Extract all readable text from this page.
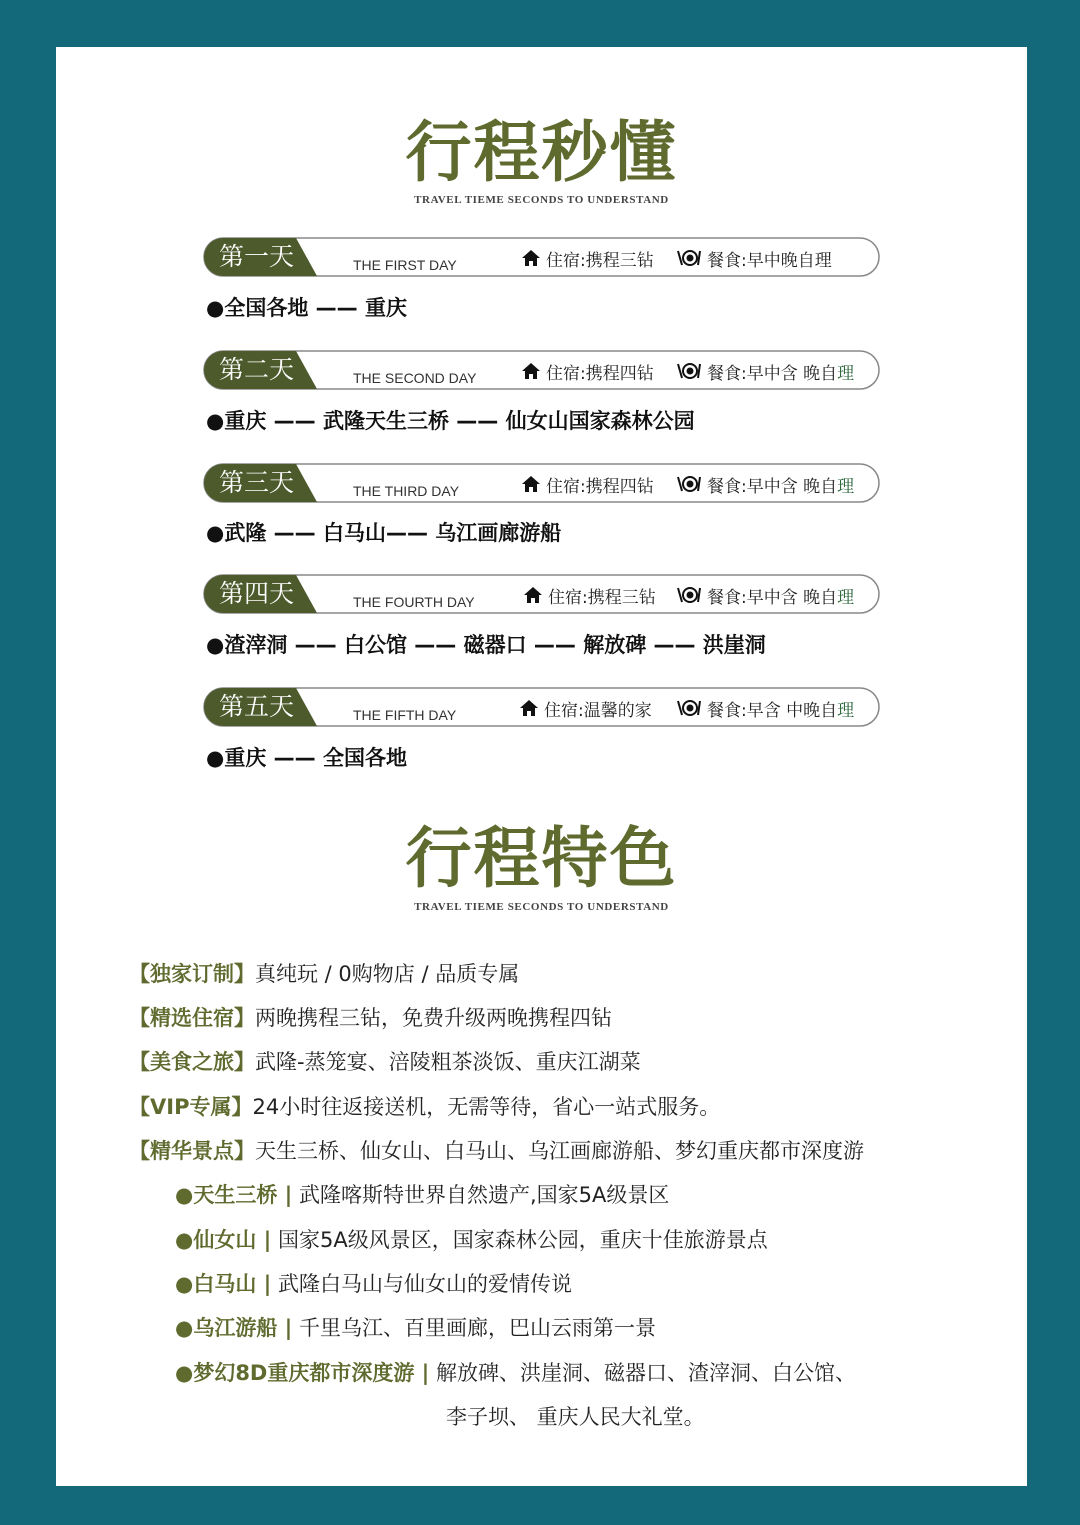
行程秒懂
TRAVEL TIEME SECONDS TO UNDERSTAND
第一天	THE FIRST DAY	住宿:携程三钻	餐食:早中晚自 理
●全国各地 —— 重庆
第二天	THE SECOND DAY	住宿:携程四钻	餐食:早中含 晚自 理
●重庆 —— 武隆天生三桥 —— 仙女山国家森林公园
第三天	THE THIRD DAY	住宿:携程四钻	餐食:早中含 晚自 理
●武隆 —— 白马山—— 乌江画廊游船
第四天	THE FOURTH DAY	住宿:携程三钻	餐食:早中含 晚自 理
●渣滓洞 —— 白公馆 —— 磁器口 —— 解放碑 —— 洪崖洞
第五天	THE FIFTH DAY	住宿:温馨的家	餐食:早含 中晚自 理
●重庆 —— 全国各地
行程特色
TRAVEL TIEME SECONDS TO UNDERSTAND
【独家订制】真纯玩 / 0购物店 / 品质专属
【精选住宿】两晚携程三钻，免费升级两晚携程四钻
【美食之旅】武隆-蒸笼宴、涪陵粗茶淡饭、重庆江湖菜
【VIP专属】24小时往返接送机，无需等待，省心一站式服务。
【精华景点】天生三桥、仙女山、白马山、乌江画廊游船、梦幻重庆都市深度游
●天生三桥 | 武隆喀斯特世界自然遗产,国家5A级景区
●仙女山 | 国家5A级风景区，国家森林公园，重庆十佳旅游景点
●白马山 | 武隆白马山与仙女山的爱情传说
●乌江游船 | 千里乌江、百里画廊，巴山云雨第一景
●梦幻8D重庆都市深度游 | 解放碑、洪崖洞、磁器口、渣滓洞、白公馆、
李子坝、 重庆人民大礼堂。
